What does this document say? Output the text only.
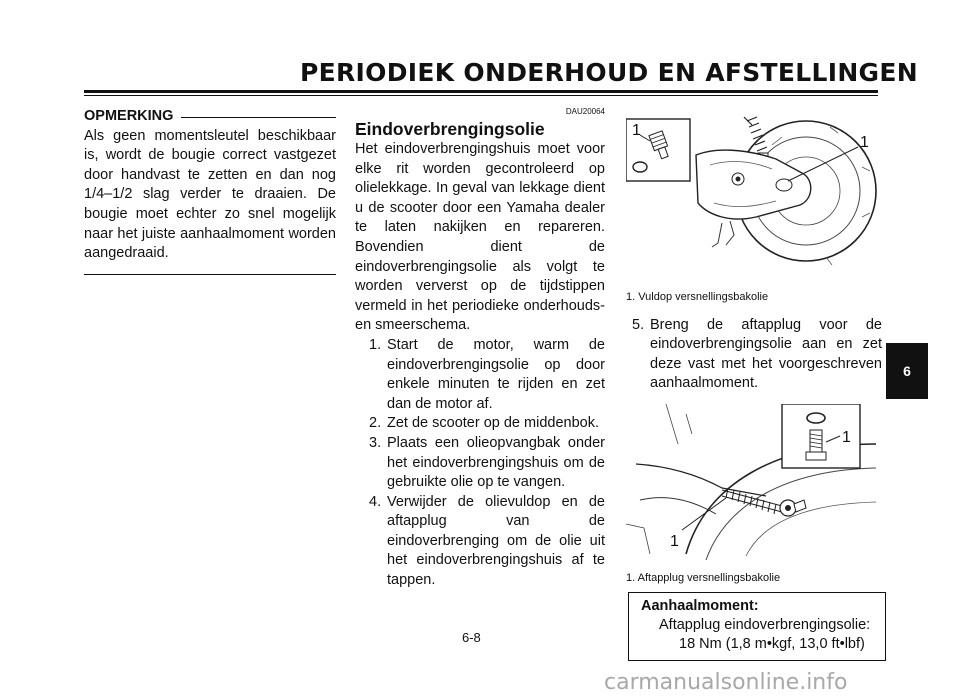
PERIODIEK ONDERHOUD EN AFSTELLINGEN
OPMERKING
Als geen momentsleutel beschikbaar is, wordt de bougie correct vastgezet door handvast te zetten en dan nog 1/4–1/2 slag verder te draaien. De bougie moet echter zo snel mogelijk naar het juiste aanhaalmoment worden aangedraaid.
DAU20064
Eindoverbrengingsolie
Het eindoverbrengingshuis moet voor elke rit worden gecontroleerd op olielekkage. In geval van lekkage dient u de scooter door een Yamaha dealer te laten nakijken en repareren. Bovendien dient de eindoverbrengingsolie als volgt te worden ververst op de tijdstippen vermeld in het periodieke onderhouds- en smeerschema.
1. Start de motor, warm de eindoverbrengingsolie op door enkele minuten te rijden en zet dan de motor af.
2. Zet de scooter op de middenbok.
3. Plaats een olieopvangbak onder het eindoverbrengingshuis om de gebruikte olie op te vangen.
4. Verwijder de olievuldop en de aftapplug van de eindoverbrenging om de olie uit het eindoverbrengingshuis af te tappen.
1
1
1. Vuldop versnellingsbakolie
5. Breng de aftapplug voor de eindoverbrengingsolie aan en zet deze vast met het voorgeschreven aanhaalmoment.
1
1
1. Aftapplug versnellingsbakolie
Aanhaalmoment:
Aftapplug eindoverbrengingsolie:
18 Nm (1,8 m•kgf, 13,0 ft•lbf)
6-8
6
carmanualsonline.info
